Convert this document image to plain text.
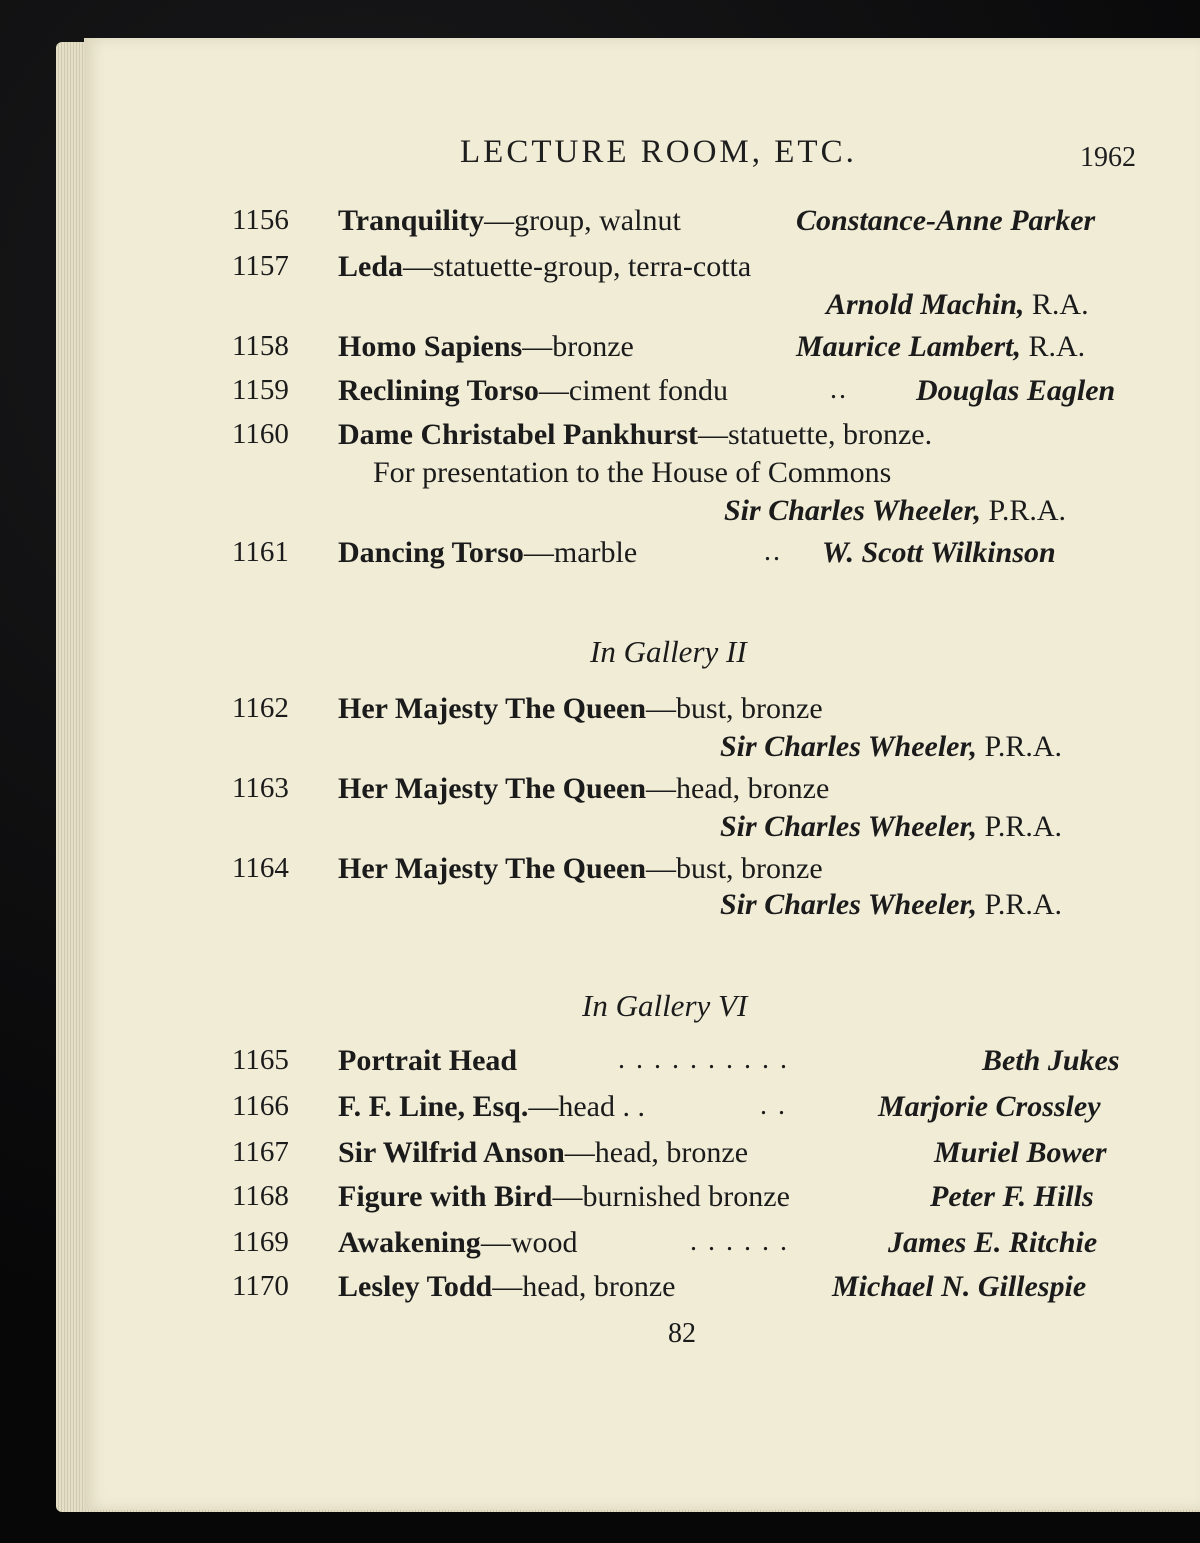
LECTURE ROOM, ETC.	1962
1156 Tranquility—group, walnut	Constance-Anne Parker
1157 Leda—statuette-group, terra-cotta
Arnold Machin, R.A.
1158 Homo Sapiens—bronze	Maurice Lambert, R.A.
1159 Reclining Torso—ciment fondu	.. Douglas Eaglen
1160 Dame Christabel Pankhurst—statuette, bronze.
For presentation to the House of Commons
Sir Charles Wheeler, P.R.A.
1161 Dancing Torso—marble	.. W. Scott Wilkinson
In Gallery II
1162 Her Majesty The Queen—bust, bronze
Sir Charles Wheeler, P.R.A.
1163 Her Majesty The Queen—head, bronze
Sir Charles Wheeler, P.R.A.
1164 Her Majesty The Queen—bust, bronze
Sir Charles Wheeler, P.R.A.
In Gallery VI
1165 Portrait Head	. . . . . . . . . .	Beth Jukes
1166 F. F. Line, Esq.—head . .	. .	Marjorie Crossley
1167 Sir Wilfrid Anson—head, bronze	Muriel Bower
1168 Figure with Bird—burnished bronze	Peter F. Hills
1169 Awakening—wood	. . . . . .	James E. Ritchie
1170 Lesley Todd—head, bronze	Michael N. Gillespie
82
